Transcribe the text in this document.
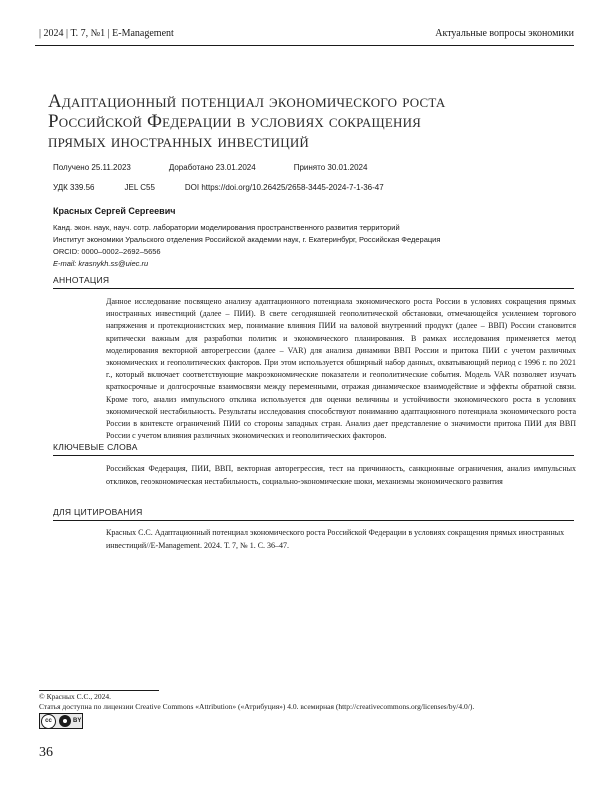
| 2024 | Т. 7, №1 | E-Management	Актуальные вопросы экономики
Адаптационный потенциал экономического роста
Российской Федерации в условиях сокращения
прямых иностранных инвестиций
Получено 25.11.2023	Доработано 23.01.2024	Принято 30.01.2024
УДК 339.56	JEL C55	DOI https://doi.org/10.26425/2658-3445-2024-7-1-36-47
Красных Сергей Сергеевич
Канд. экон. наук, науч. сотр. лаборатории моделирования пространственного развития территорий
Институт экономики Уральского отделения Российской академии наук, г. Екатеринбург, Российская Федерация
ORCID: 0000–0002–2692–5656
E-mail: krasnykh.ss@uiec.ru
АННОТАЦИЯ
Данное исследование посвящено анализу адаптационного потенциала экономического роста России в условиях сокращения прямых иностранных инвестиций (далее – ПИИ). В свете сегодняшней геополитической обстановки, отмечающейся усилением торгового напряжения и протекционистских мер, понимание влияния ПИИ на валовой внутренний продукт (далее – ВВП) России становится критически важным для разработки политик и экономического планирования. В рамках исследования применяется метод моделирования векторной авторегрессии (далее – VAR) для анализа динамики ВВП России и притока ПИИ с учетом различных экономических и геополитических факторов. При этом используется обширный набор данных, охватывающий период с 1996 г. по 2021 г., который включает соответствующие макроэкономические показатели и геополитические события. Модель VAR позволяет изучать краткосрочные и долгосрочные взаимосвязи между переменными, отражая динамическое взаимодействие и эффекты обратной связи. Кроме того, анализ импульсного отклика используется для оценки величины и устойчивости экономического роста в условиях экономической нестабильность. Результаты исследования способствуют пониманию адаптационного потенциала экономического роста России в контексте ограничений ПИИ со стороны западных стран. Анализ дает представление о значимости притока ПИИ для ВВП России с учетом влияния различных экономических и геополитических факторов.
КЛЮЧЕВЫЕ СЛОВА
Российская Федерация, ПИИ, ВВП, векторная авторегрессия, тест на причинность, санкционные ограничения, анализ импульсных откликов, геоэкономическая нестабильность, социально-экономические шоки, механизмы экономического развития
ДЛЯ ЦИТИРОВАНИЯ
Красных С.С. Адаптационный потенциал экономического роста Российской Федерации в условиях сокращения прямых иностранных инвестиций//E-Management. 2024. Т. 7, № 1. С. 36–47.
© Красных С.С., 2024.
Статья доступна по лицензии Creative Commons «Attribution» («Атрибуция») 4.0. всемирная (http://creativecommons.org/licenses/by/4.0/).
cc	BY
36
